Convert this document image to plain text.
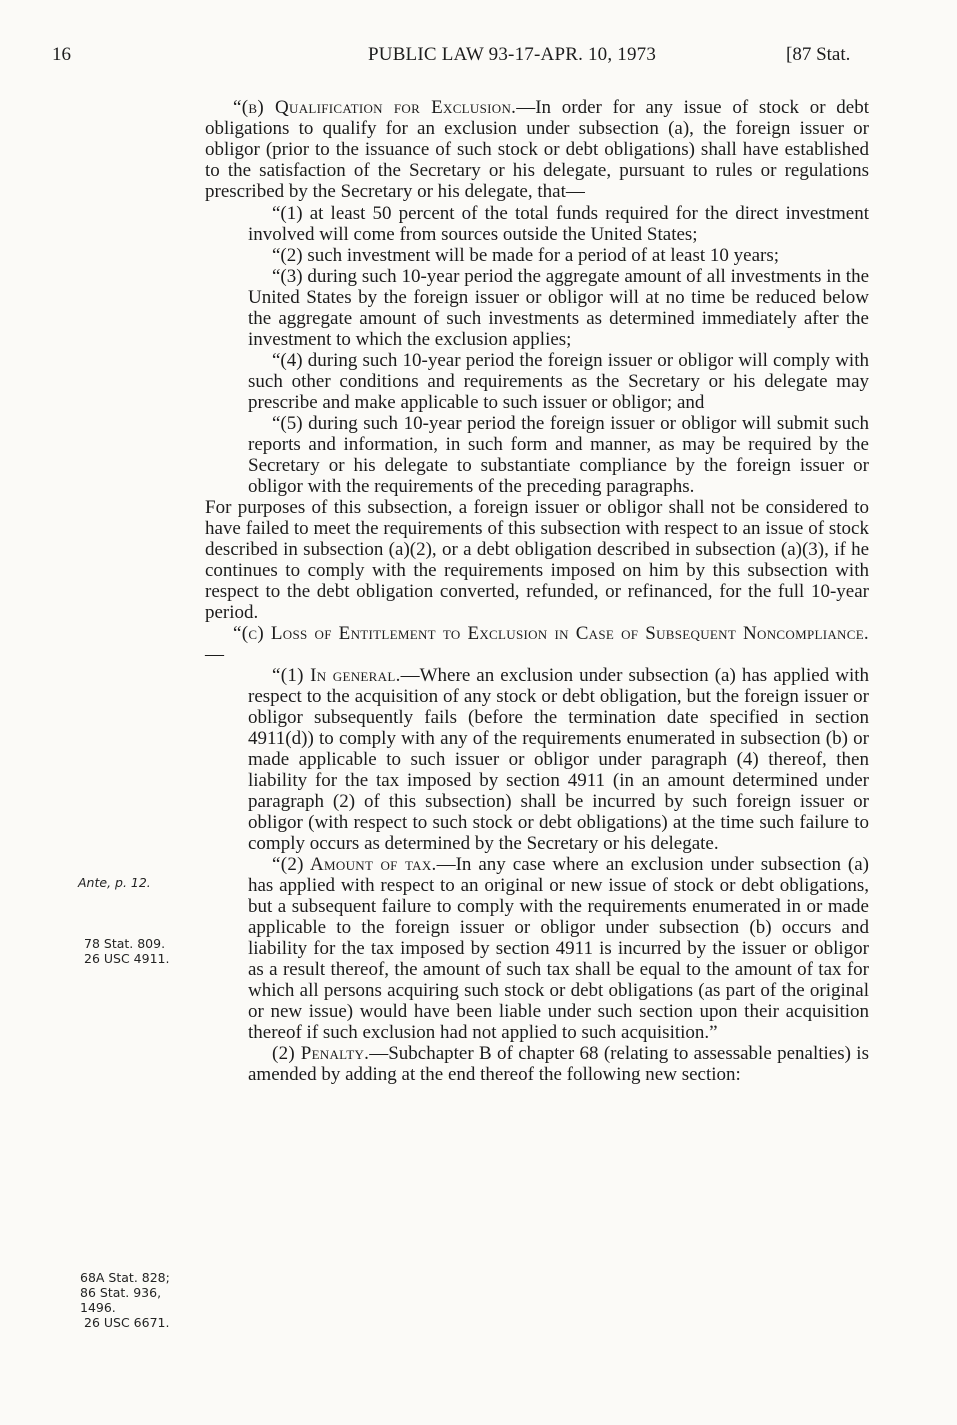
16	PUBLIC LAW 93-17-APR. 10, 1973	[87 Stat.
Ante, p. 12.
78 Stat. 809.
26 USC 4911.
68A Stat. 828;
86 Stat. 936,
1496.
26 USC 6671.

“(b) Qualification for Exclusion.—In order for any issue of stock or debt obligations to qualify for an exclusion under subsection (a), the foreign issuer or obligor (prior to the issuance of such stock or debt obligations) shall have established to the satisfaction of the Secretary or his delegate, pursuant to rules or regulations prescribed by the Secretary or his delegate, that—

“(1) at least 50 percent of the total funds required for the direct investment involved will come from sources outside the United States;

“(2) such investment will be made for a period of at least 10 years;

“(3) during such 10-year period the aggregate amount of all investments in the United States by the foreign issuer or obligor will at no time be reduced below the aggregate amount of such investments as determined immediately after the investment to which the exclusion applies;

“(4) during such 10-year period the foreign issuer or obligor will comply with such other conditions and requirements as the Secretary or his delegate may prescribe and make applicable to such issuer or obligor; and

“(5) during such 10-year period the foreign issuer or obligor will submit such reports and information, in such form and manner, as may be required by the Secretary or his delegate to substantiate compliance by the foreign issuer or obligor with the requirements of the preceding paragraphs.

For purposes of this subsection, a foreign issuer or obligor shall not be considered to have failed to meet the requirements of this subsection with respect to an issue of stock described in subsection (a)(2), or a debt obligation described in subsection (a)(3), if he continues to comply with the requirements imposed on him by this subsection with respect to the debt obligation converted, refunded, or refinanced, for the full 10-year period.

“(c) Loss of Entitlement to Exclusion in Case of Subsequent Noncompliance.—

“(1) In general.—Where an exclusion under subsection (a) has applied with respect to the acquisition of any stock or debt obligation, but the foreign issuer or obligor subsequently fails (before the termination date specified in section 4911(d)) to comply with any of the requirements enumerated in subsection (b) or made applicable to such issuer or obligor under paragraph (4) thereof, then liability for the tax imposed by section 4911 (in an amount determined under paragraph (2) of this subsection) shall be incurred by such foreign issuer or obligor (with respect to such stock or debt obligations) at the time such failure to comply occurs as determined by the Secretary or his delegate.

“(2) Amount of tax.—In any case where an exclusion under subsection (a) has applied with respect to an original or new issue of stock or debt obligations, but a subsequent failure to comply with the requirements enumerated in or made applicable to the foreign issuer or obligor under subsection (b) occurs and liability for the tax imposed by section 4911 is incurred by the issuer or obligor as a result thereof, the amount of such tax shall be equal to the amount of tax for which all persons acquiring such stock or debt obligations (as part of the original or new issue) would have been liable under such section upon their acquisition thereof if such exclusion had not applied to such acquisition.”

(2) Penalty.—Subchapter B of chapter 68 (relating to assessable penalties) is amended by adding at the end thereof the following new section:
